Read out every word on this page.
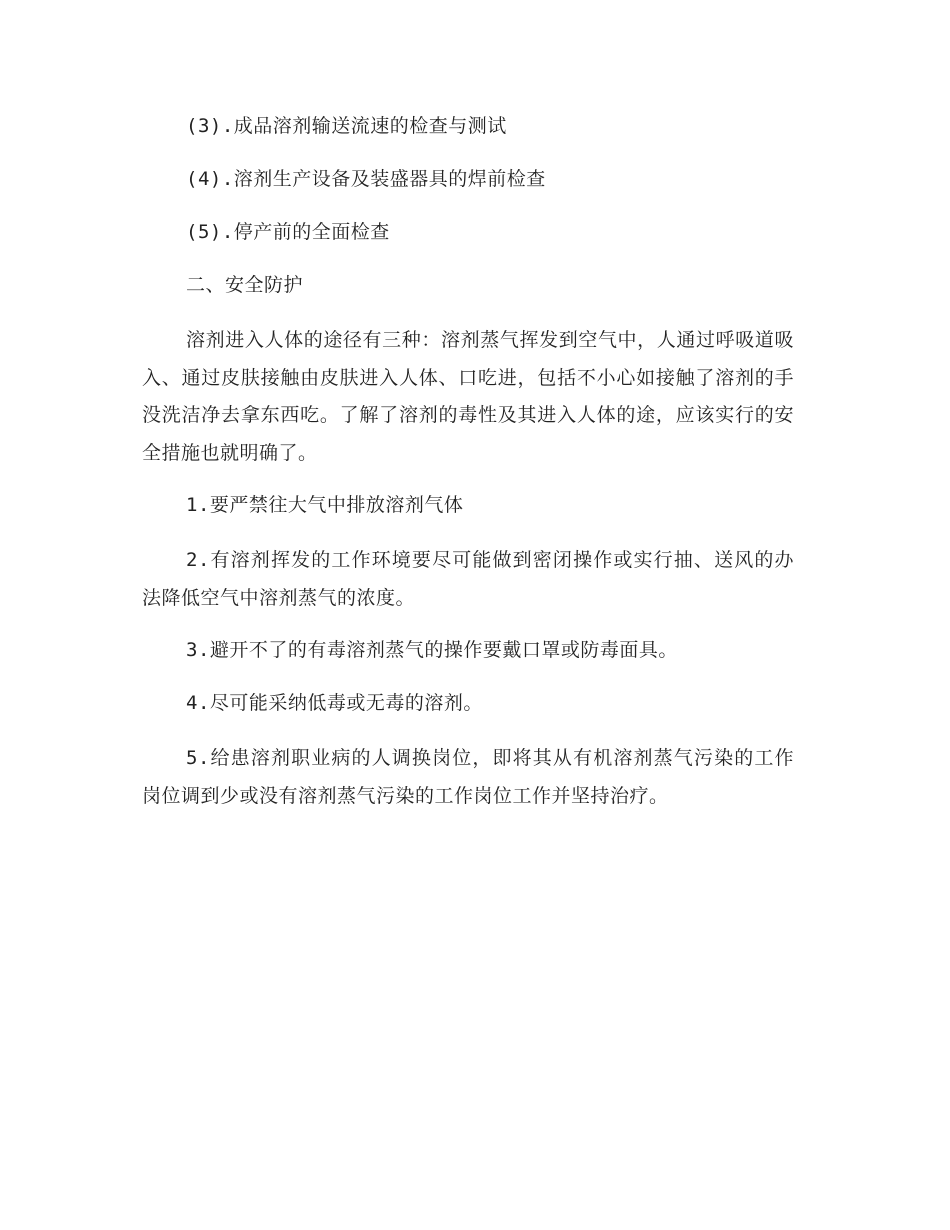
(3).成品溶剂输送流速的检查与测试

(4).溶剂生产设备及装盛器具的焊前检查

(5).停产前的全面检查

二、安全防护

溶剂进入人体的途径有三种：溶剂蒸气挥发到空气中，人通过呼吸道吸入、通过皮肤接触由皮肤进入人体、口吃进，包括不小心如接触了溶剂的手没洗洁净去拿东西吃。了解了溶剂的毒性及其进入人体的途，应该实行的安全措施也就明确了。

1.要严禁往大气中排放溶剂气体

2.有溶剂挥发的工作环境要尽可能做到密闭操作或实行抽、送风的办法降低空气中溶剂蒸气的浓度。

3.避开不了的有毒溶剂蒸气的操作要戴口罩或防毒面具。

4.尽可能采纳低毒或无毒的溶剂。

5.给患溶剂职业病的人调换岗位，即将其从有机溶剂蒸气污染的工作岗位调到少或没有溶剂蒸气污染的工作岗位工作并坚持治疗。
